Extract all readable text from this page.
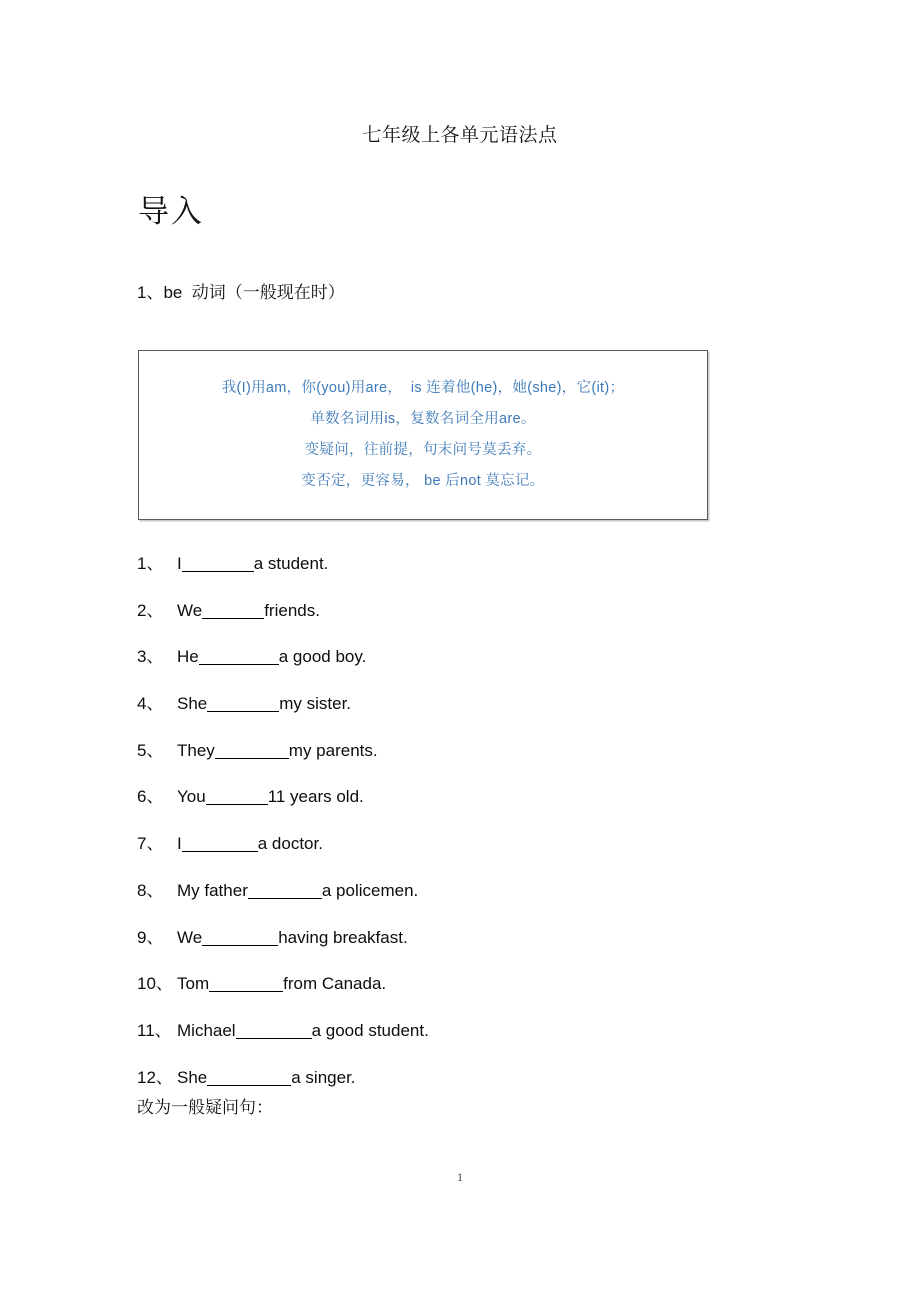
七年级上各单元语法点
导入
1、be  动词（一般现在时）
我(I)用am，你(you)用are，  is 连着他(he)，她(she)，它(it)；
单数名词用is，复数名词全用are。
变疑问，往前提，句末问号莫丢弃。
变否定，更容易， be 后not 莫忘记。
1、 I	a student.
2、 We	friends.
3、 He	a good boy.
4、 She	my sister.
5、 They	my parents.
6、 You	11 years old.
7、 I	a doctor.
8、 My father	a policemen.
9、 We	having breakfast.
10、 Tom	from Canada.
11、 Michael	a good student.
12、 She	a singer.
改为一般疑问句：
1
